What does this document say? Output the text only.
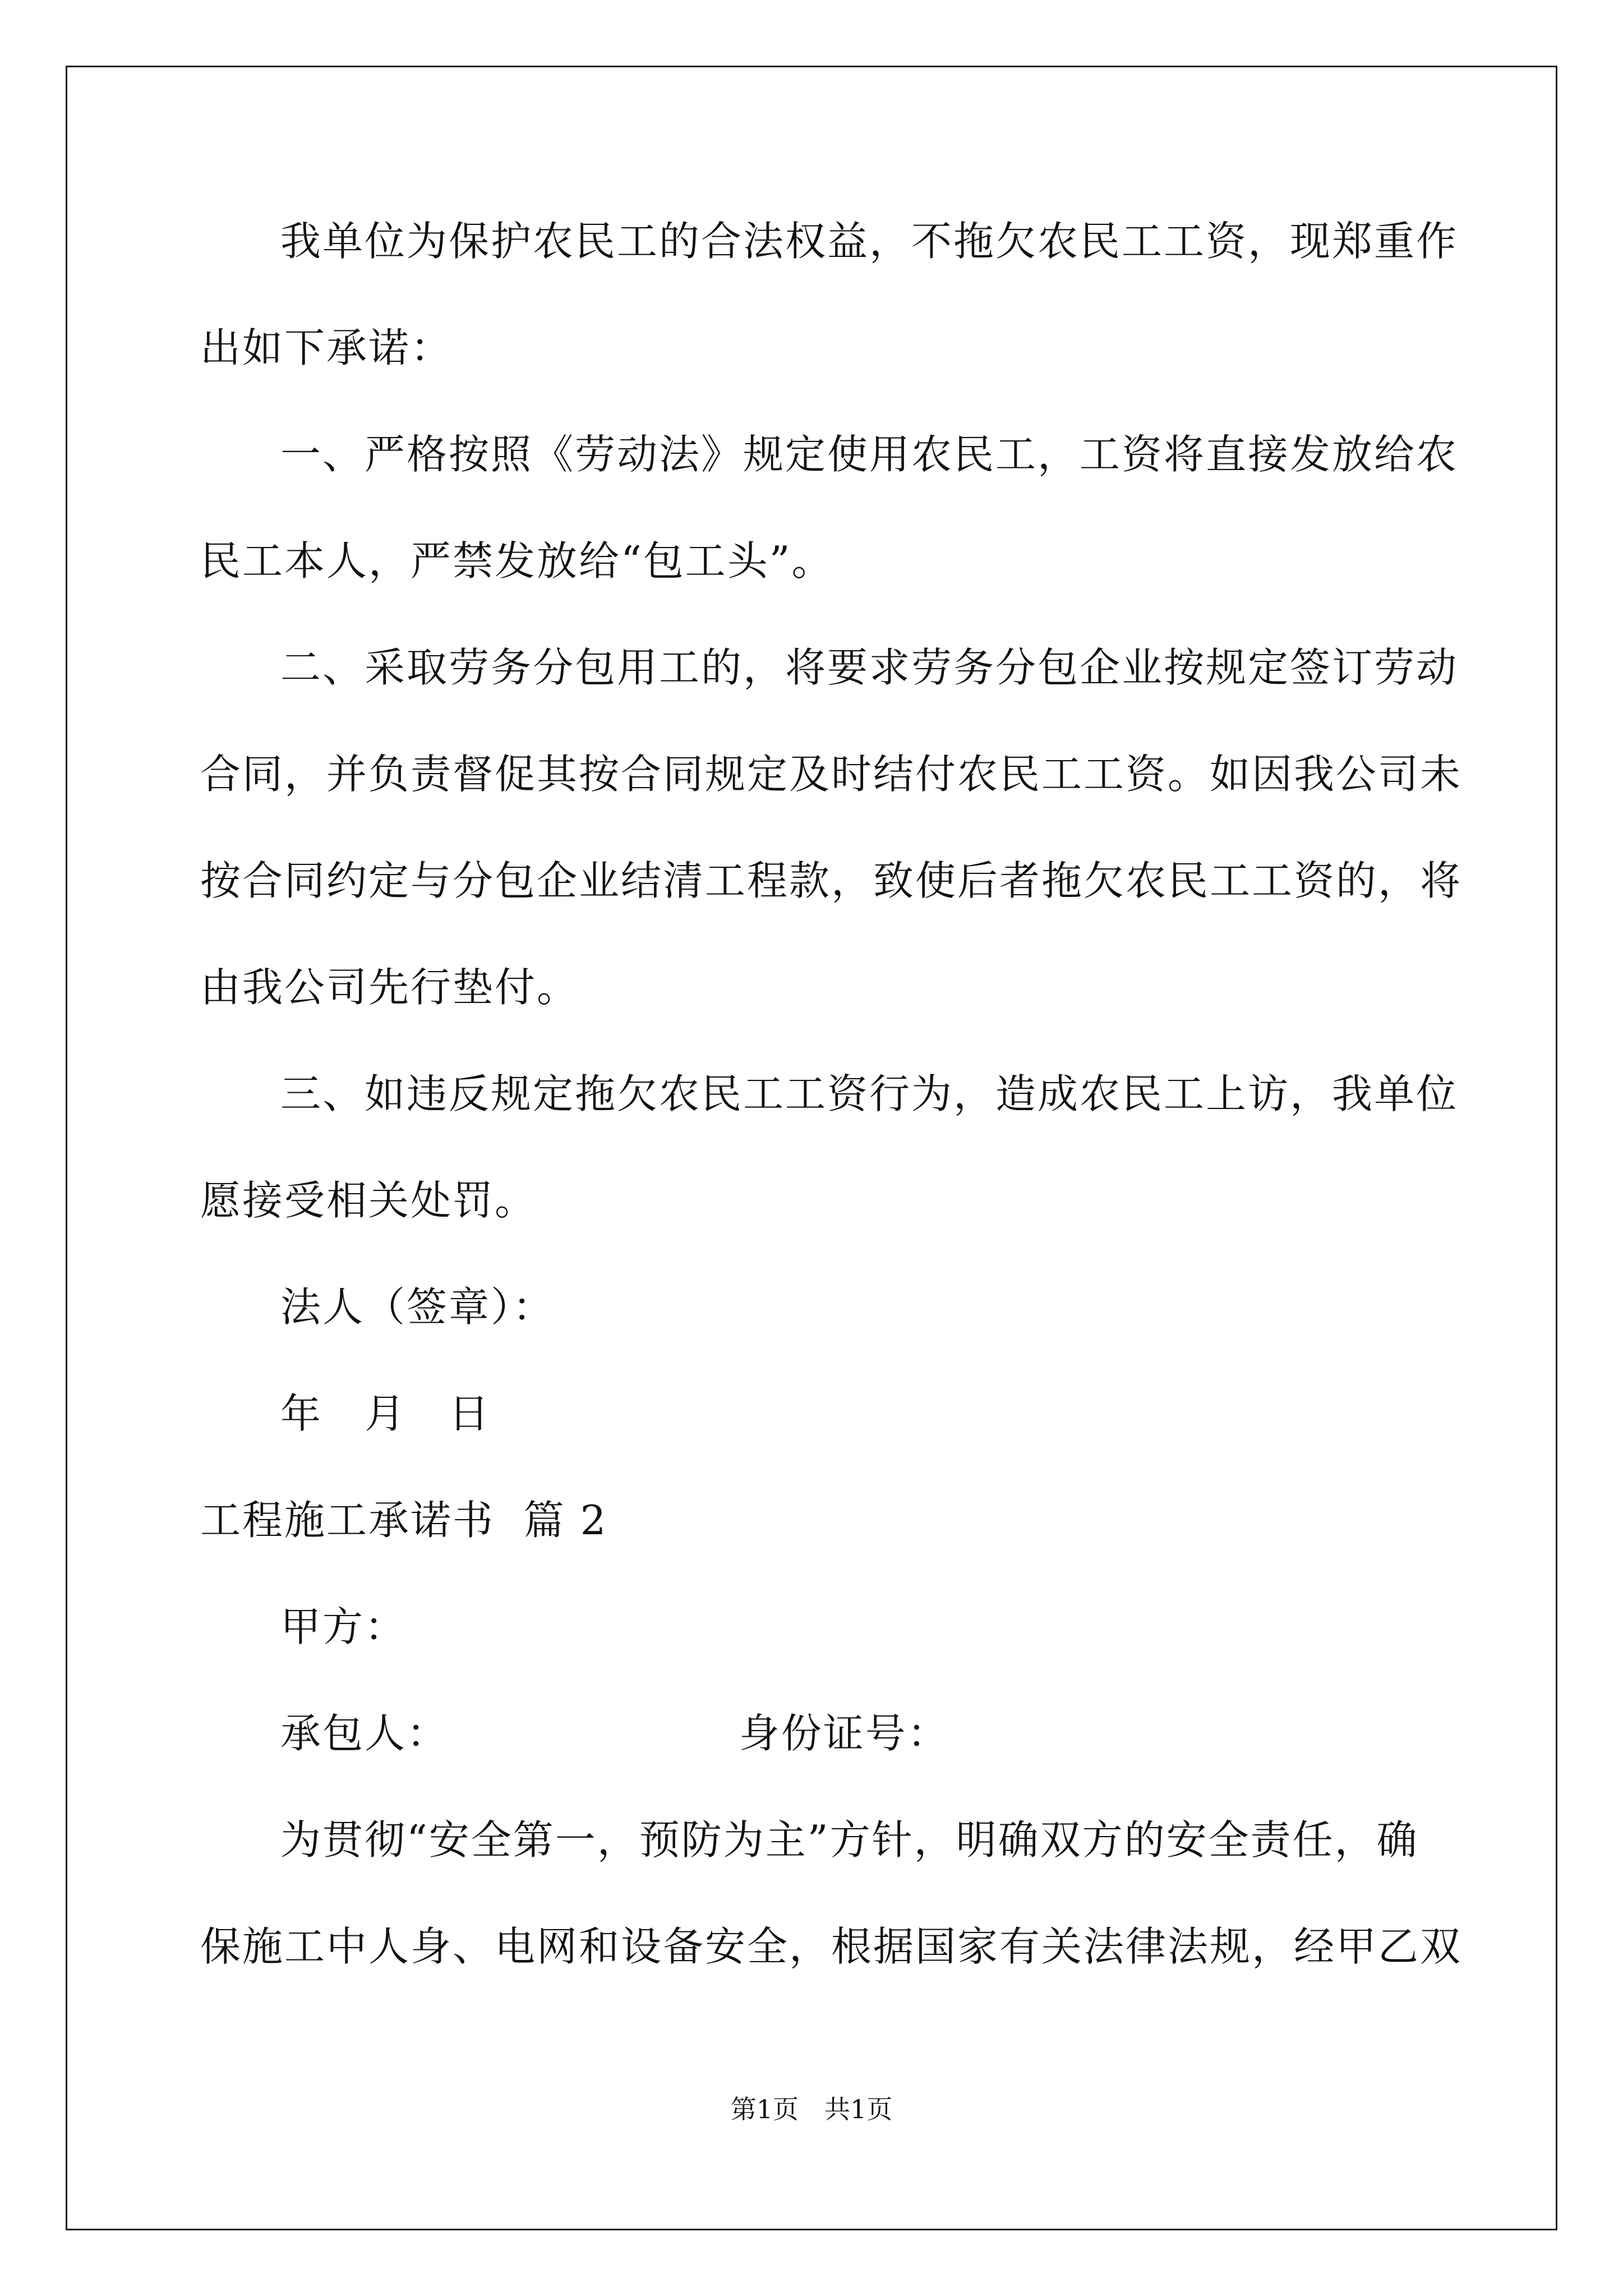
我单位为保护农民工的合法权益，不拖欠农民工工资，现郑重作
出如下承诺：
一、严格按照《劳动法》规定使用农民工，工资将直接发放给农
民工本人，严禁发放给“包工头”。
二、采取劳务分包用工的，将要求劳务分包企业按规定签订劳动
合同，并负责督促其按合同规定及时结付农民工工资。如因我公司未
按合同约定与分包企业结清工程款，致使后者拖欠农民工工资的，将
由我公司先行垫付。
三、如违反规定拖欠农民工工资行为，造成农民工上访，我单位
愿接受相关处罚。
法人（签章）：
年　月　日
工程施工承诺书  篇 2
甲方：
承包人：                    身份证号：
为贯彻“安全第一，预防为主”方针，明确双方的安全责任，确
保施工中人身、电网和设备安全，根据国家有关法律法规，经甲乙双
第1页　共1页
